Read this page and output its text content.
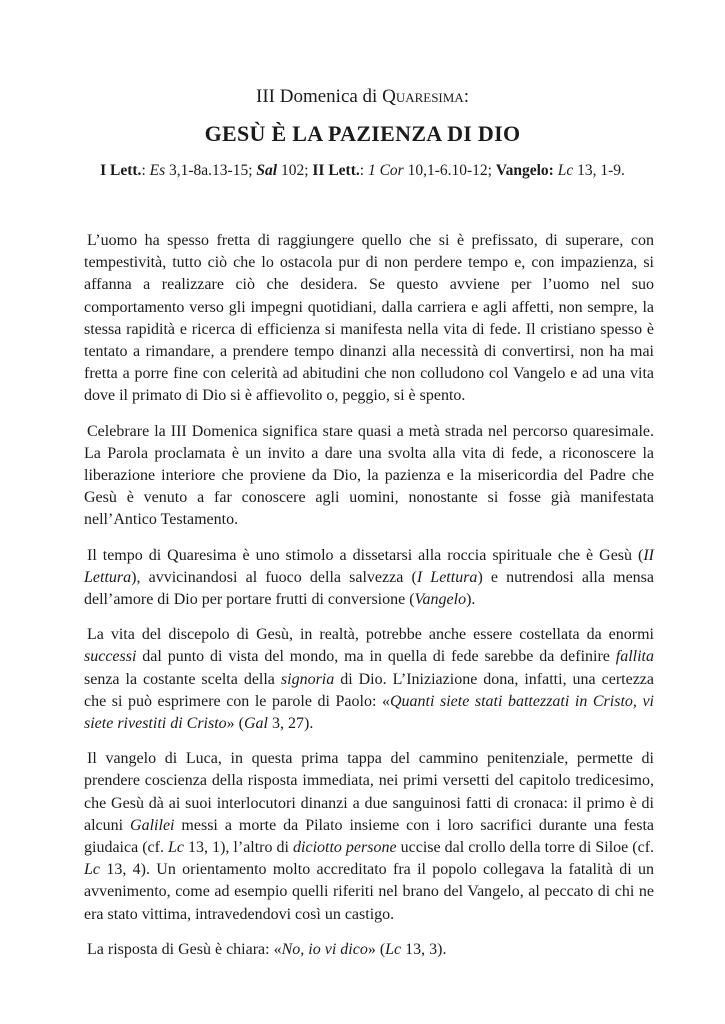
III Domenica di Quaresima:
GESÙ È LA PAZIENZA DI DIO
I Lett.: Es 3,1-8a.13-15; Sal 102; II Lett.: 1 Cor 10,1-6.10-12; Vangelo: Lc 13, 1-9.

L’uomo ha spesso fretta di raggiungere quello che si è prefissato, di superare, con tempestività, tutto ciò che lo ostacola pur di non perdere tempo e, con impazienza, si affanna a realizzare ciò che desidera. Se questo avviene per l’uomo nel suo comportamento verso gli impegni quotidiani, dalla carriera e agli affetti, non sempre, la stessa rapidità e ricerca di efficienza si manifesta nella vita di fede. Il cristiano spesso è tentato a rimandare, a prendere tempo dinanzi alla necessità di convertirsi, non ha mai fretta a porre fine con celerità ad abitudini che non colludono col Vangelo e ad una vita dove il primato di Dio si è affievolito o, peggio, si è spento.

Celebrare la III Domenica significa stare quasi a metà strada nel percorso quaresimale. La Parola proclamata è un invito a dare una svolta alla vita di fede, a riconoscere la liberazione interiore che proviene da Dio, la pazienza e la misericordia del Padre che Gesù è venuto a far conoscere agli uomini, nonostante si fosse già manifestata nell’Antico Testamento.

Il tempo di Quaresima è uno stimolo a dissetarsi alla roccia spirituale che è Gesù (II Lettura), avvicinandosi al fuoco della salvezza (I Lettura) e nutrendosi alla mensa dell’amore di Dio per portare frutti di conversione (Vangelo).

La vita del discepolo di Gesù, in realtà, potrebbe anche essere costellata da enormi successi dal punto di vista del mondo, ma in quella di fede sarebbe da definire fallita senza la costante scelta della signoria di Dio. L’Iniziazione dona, infatti, una certezza che si può esprimere con le parole di Paolo: «Quanti siete stati battezzati in Cristo, vi siete rivestiti di Cristo» (Gal 3, 27).

Il vangelo di Luca, in questa prima tappa del cammino penitenziale, permette di prendere coscienza della risposta immediata, nei primi versetti del capitolo tredicesimo, che Gesù dà ai suoi interlocutori dinanzi a due sanguinosi fatti di cronaca: il primo è di alcuni Galilei messi a morte da Pilato insieme con i loro sacrifici durante una festa giudaica (cf. Lc 13, 1), l’altro di diciotto persone uccise dal crollo della torre di Siloe (cf. Lc 13, 4). Un orientamento molto accreditato fra il popolo collegava la fatalità di un avvenimento, come ad esempio quelli riferiti nel brano del Vangelo, al peccato di chi ne era stato vittima, intravedendovi così un castigo.

La risposta di Gesù è chiara: «No, io vi dico» (Lc 13, 3).
